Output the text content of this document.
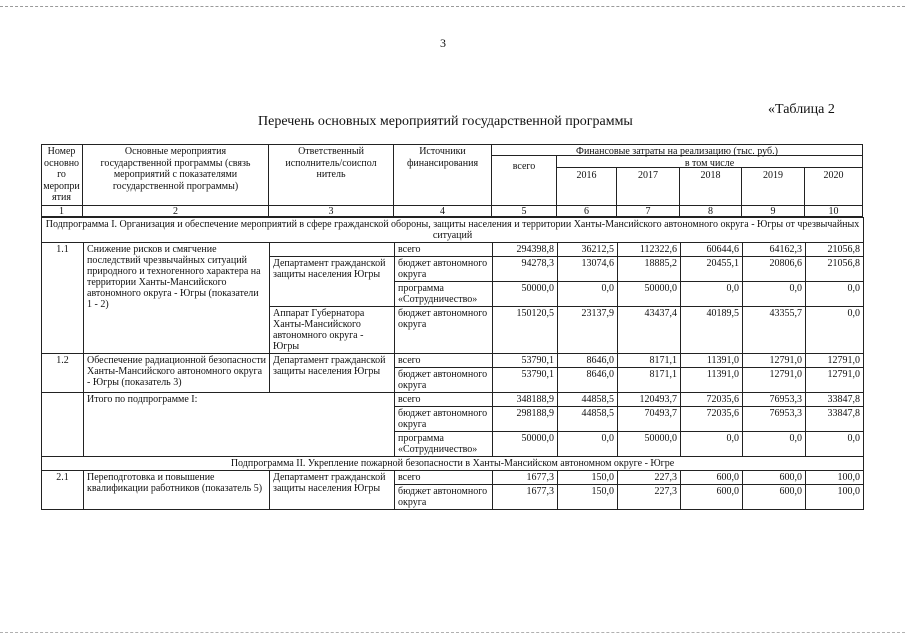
3
«Таблица 2
Перечень основных мероприятий государственной программы
Номер
основно
го
меропри
ятия
Основные мероприятия
государственной программы (связь
мероприятий с показателями
государственной программы)
Ответственный
исполнитель/соиспол
нитель
Источники
финансирования
Финансовые затраты на реализацию (тыс. руб.)
всего	в том числе
2016	2017	2018	2019	2020
1	2	3	4	5	6	7	8	9	10
Подпрограмма I. Организация и обеспечение мероприятий в сфере гражданской обороны, защиты населения и территории Ханты-Мансийского автономного округа - Югры от чрезвычайных ситуаций									
1.1	Снижение рисков и смягчение последствий чрезвычайных ситуаций природного и техногенного характера на территории Ханты-Мансийского автономного округа - Югры (показатели 1 - 2)		всего	294398,8	36212,5	112322,6	60644,6	64162,3	21056,8
		Департамент гражданской защиты населения Югры	бюджет автономного округа	94278,3	13074,6	18885,2	20455,1	20806,6	21056,8
			программа «Сотрудничество»	50000,0	0,0	50000,0	0,0	0,0	0,0
		Аппарат Губернатора Ханты-Мансийского автономного округа - Югры	бюджет автономного округа	150120,5	23137,9	43437,4	40189,5	43355,7	0,0
1.2	Обеспечение радиационной безопасности Ханты-Мансийского автономного округа - Югры (показатель 3)	Департамент гражданской защиты населения Югры	всего	53790,1	8646,0	8171,1	11391,0	12791,0	12791,0
			бюджет автономного округа	53790,1	8646,0	8171,1	11391,0	12791,0	12791,0
	Итого по подпрограмме I:		всего	348188,9	44858,5	120493,7	72035,6	76953,3	33847,8
			бюджет автономного округа	298188,9	44858,5	70493,7	72035,6	76953,3	33847,8
			программа «Сотрудничество»	50000,0	0,0	50000,0	0,0	0,0	0,0
Подпрограмма II. Укрепление пожарной безопасности в Ханты-Мансийском автономном округе - Югре									
2.1	Переподготовка и повышение квалификации работников (показатель 5)	Департамент гражданской защиты населения Югры	всего	1677,3	150,0	227,3	600,0	600,0	100,0
			бюджет автономного округа	1677,3	150,0	227,3	600,0	600,0	100,0
